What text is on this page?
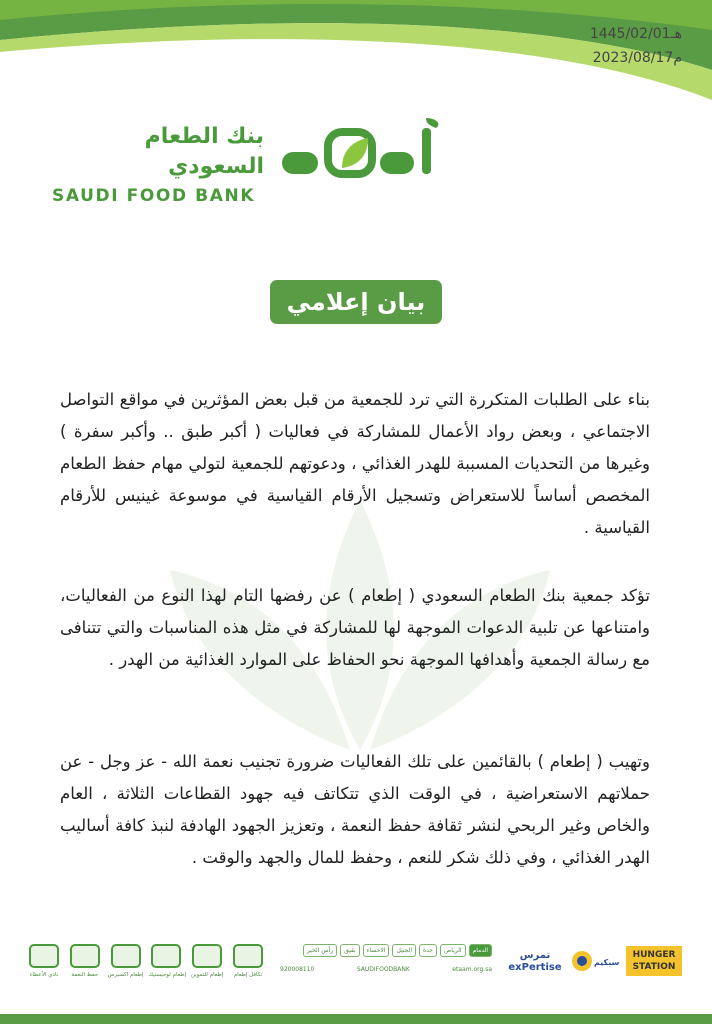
1445/02/01هـ
2023/08/17م
بنك الطعام السعودي
SAUDI FOOD BANK
بيان إعلامي
بناء على الطلبات المتكررة التي ترد للجمعية من قبل بعض المؤثرين في مواقع التواصل الاجتماعي ، وبعض رواد الأعمال للمشاركة في فعاليات ( أكبر طبق .. وأكبر سفرة ) وغيرها من التحديات المسببة للهدر الغذائي ، ودعوتهم للجمعية لتولي مهام حفظ الطعام المخصص أساساً للاستعراض وتسجيل الأرقام القياسية في موسوعة غينيس للأرقام القياسية .
تؤكد جمعية بنك الطعام السعودي ( إطعام ) عن رفضها التام لهذا النوع من الفعاليات، وامتناعها عن تلبية الدعوات الموجهة لها للمشاركة في مثل هذه المناسبات والتي تتنافى مع رسالة الجمعية وأهدافها الموجهة نحو الحفاظ على الموارد الغذائية من الهدر .
وتهيب ( إطعام ) بالقائمين على تلك الفعاليات ضرورة تجنيب نعمة الله - عز وجل - عن حملاتهم الاستعراضية ، في الوقت الذي تتكاتف فيه جهود القطاعات الثلاثة ، العام والخاص وغير الربحي لنشر ثقافة حفظ النعمة ، وتعزيز الجهود الهادفة لنبذ كافة أساليب الهدر الغذائي ، وفي ذلك شكر للنعم ، وحفظ للمال والجهد والوقت .
HUNGER STATION
سبكيم
تمرس exPertise
الدمام
الرياض
جدة
الجبيل
الاحساء
بقيق
رأس الخير
etaam.org.sa
SAUDIFOODBANK
920008110
تكافل إطعام
إطعام للتموين
إطعام لوجيستيك
إطعام اكسبرس
حفظ النعمة
نادي الأعطاء
